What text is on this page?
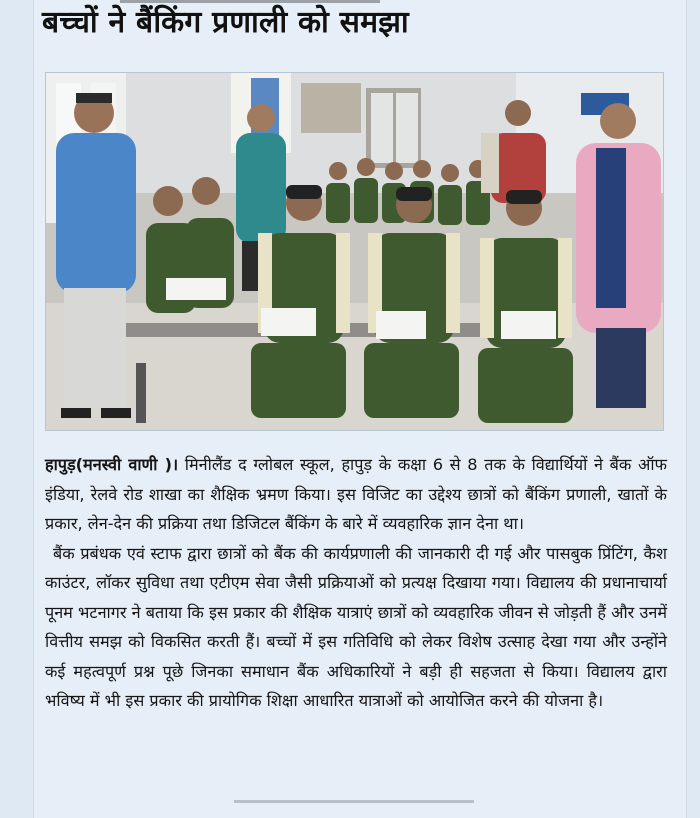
बच्चों ने बैंकिंग प्रणाली को समझा

हापुड़(मनस्वी वाणी )। मिनीलैंड द ग्लोबल स्कूल, हापुड़ के कक्षा 6 से 8 तक के विद्यार्थियों ने बैंक ऑफ इंडिया, रेलवे रोड शाखा का शैक्षिक भ्रमण किया। इस विजिट का उद्देश्य छात्रों को बैंकिंग प्रणाली, खातों के प्रकार, लेन-देन की प्रक्रिया तथा डिजिटल बैंकिंग के बारे में व्यवहारिक ज्ञान देना था।

बैंक प्रबंधक एवं स्टाफ द्वारा छात्रों को बैंक की कार्यप्रणाली की जानकारी दी गई और पासबुक प्रिंटिंग, कैश काउंटर, लॉकर सुविधा तथा एटीएम सेवा जैसी प्रक्रियाओं को प्रत्यक्ष दिखाया गया। विद्यालय की प्रधानाचार्या पूनम भटनागर ने बताया कि इस प्रकार की शैक्षिक यात्राएं छात्रों को व्यवहारिक जीवन से जोड़ती हैं और उनमें वित्तीय समझ को विकसित करती हैं। बच्चों में इस गतिविधि को लेकर विशेष उत्साह देखा गया और उन्होंने कई महत्वपूर्ण प्रश्न पूछे जिनका समाधान बैंक अधिकारियों ने बड़ी ही सहजता से किया। विद्यालय द्वारा भविष्य में भी इस प्रकार की प्रायोगिक शिक्षा आधारित यात्राओं को आयोजित करने की योजना है।
